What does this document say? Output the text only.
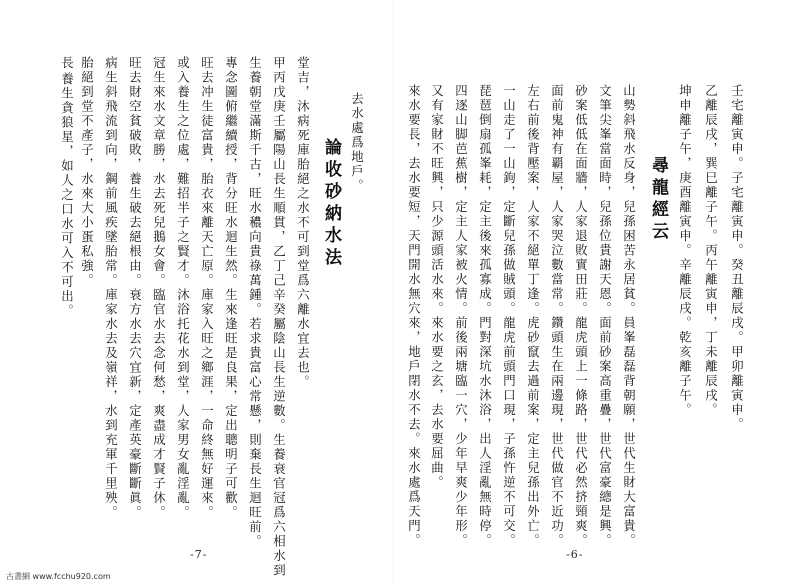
壬宅離寅申。子宅離寅申。癸丑離辰戌。甲卯離寅申。
乙離辰戌，巽巳離子午。丙午離寅申，丁未離辰戌。
坤申離子午，庚酉離寅申。辛離辰戌。乾亥離子午。
尋龍經云
山勢斜飛水反身，兒孫困苦永居貧。員峯磊磊背朝願，世代生財大富貴。
文筆尖峯當面時，兒孫位貴謝天恩。面前砂案高重疊，世代富豪總是興。
砂案低低在面牆，人家退敗實田莊。龍虎頭上一條路，世代必然挤頸爽。
面前鬼神有覇屋，人家哭泣數當常。鑽頭生在兩邊現，世代做官不近功。
左右前後背壓案，人家不絕單丁逢。虎砂竄去過前案，定主兒孫出外亡。
一山走了一山鉤，定斷兒孫做賊頭。龍虎前頭門口現，子孫忤逆不可交。
琵琶倒扇孤峯耗，定主後來孤寡成。門對深坑水沐浴，出人淫亂無時停。
四逐山脚芭蕉樹，定主人家被火情。前後兩塘臨一穴，少年早爽少年形。
又有家財不旺興，只少源頭活水來。來水要之玄，去水要屈曲。
來水要長，去水要短，天門開水無穴來，地戶閉水不去。來水處爲天門。
-6-
去水處爲地戶。
論收砂納水法
堂吉，沐病死庫胎絕之水不可到堂爲六離水宜去也。
甲丙戊庚壬屬陽山長生順貫，乙丁己辛癸屬陰山長生逆數。生養衰官冠爲六相水到
生養朝堂滿斯千古，旺水穠向貴祿萬鍾。若求貴富心常懸，則棄長生迴旺前。
專念圖俯繼續授，背分旺水迴生然。生來逢旺是良果，定出聰明子可歡。
旺去冲生徒富貴，胎衣來離天亡原。庫家入旺之鄉涯，一命終無好運來。
或入養生之位處，難招半子之賢才。沐浴托花水到堂，人家男女亂淫亂。
冠生來水文章勝，水去死兒鵝女會。臨官水去念何愁，爽盡成才賢子休。
旺去財空貧破敗，養生破去絕根由。衰方水去穴宜新，定產英豪斷斷眞。
病生斜飛流到向，鋼前風疾墜胎常。庫家水去及嶺祥，水到充軍千里殃。
胎絕到堂不產子，水來大小蛋私強。
養生貪狼星，如人之口水可入不可出。
長
-7-
古書網 www.fcchu920.com
